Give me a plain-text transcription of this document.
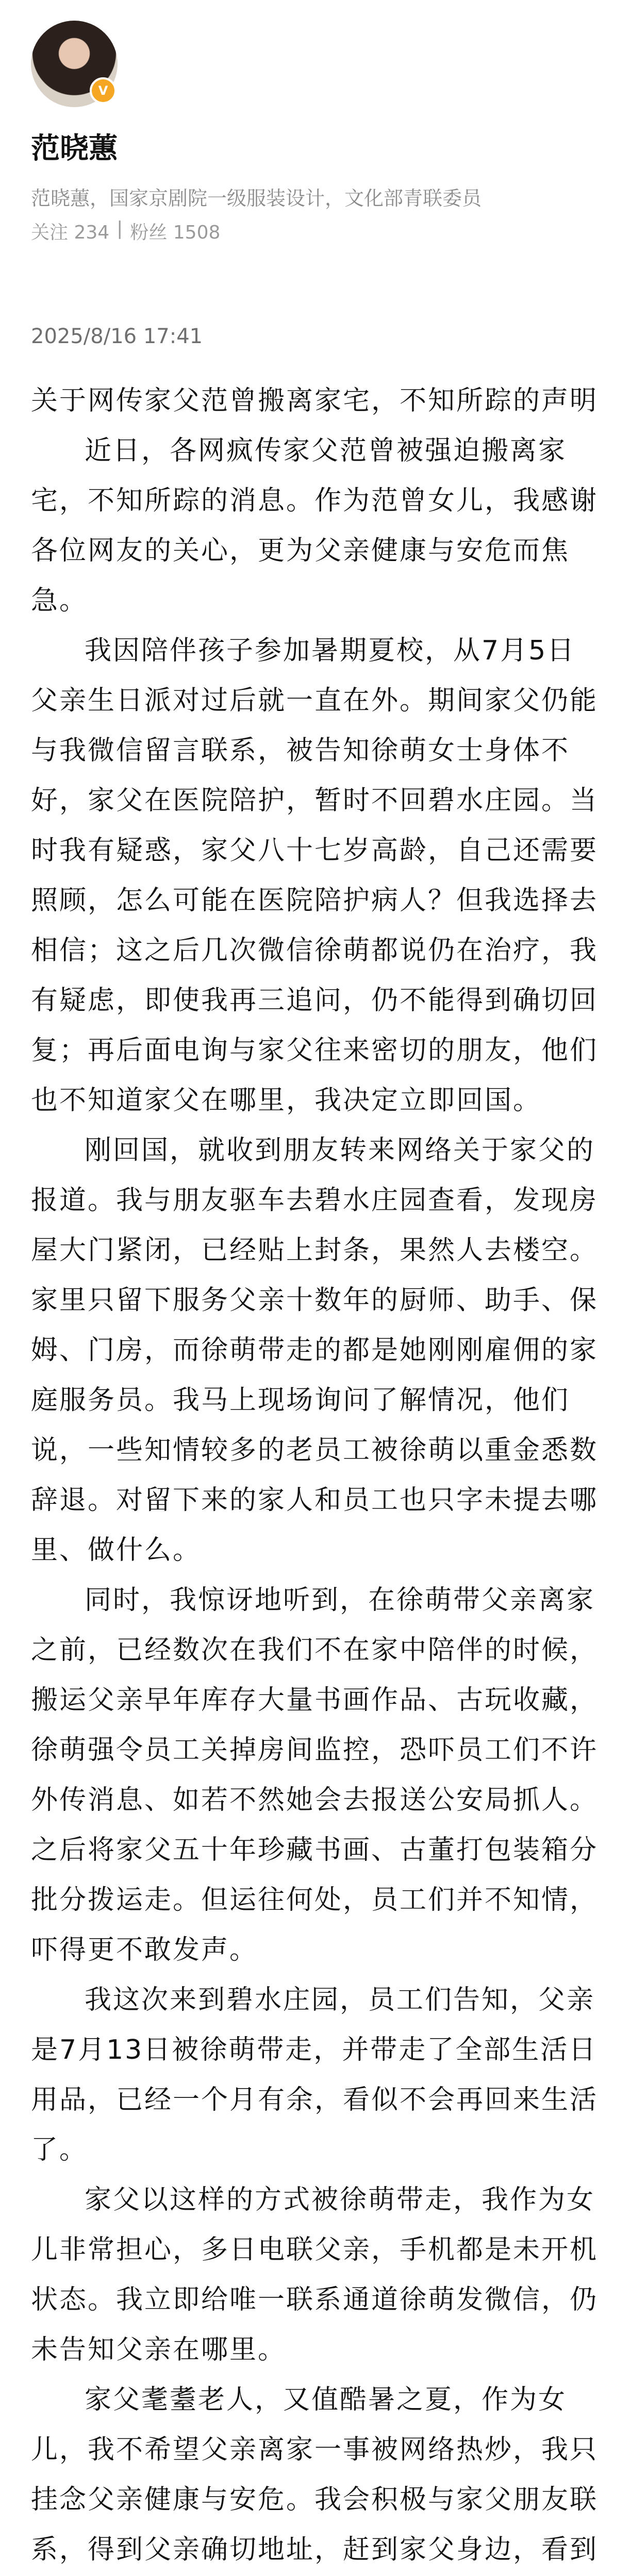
V
范晓蕙
范晓蕙，国家京剧院一级服装设计，文化部青联委员
关注 234 | 粉丝 1508
2025/8/16 17:41

关于网传家父范曾搬离家宅，不知所踪的声明

近日，各网疯传家父范曾被强迫搬离家宅，不知所踪的消息。作为范曾女儿，我感谢各位网友的关心，更为父亲健康与安危而焦急。

我因陪伴孩子参加暑期夏校，从7月5日父亲生日派对过后就一直在外。期间家父仍能与我微信留言联系，被告知徐萌女士身体不好，家父在医院陪护，暂时不回碧水庄园。当时我有疑惑，家父八十七岁高龄，自己还需要照顾，怎么可能在医院陪护病人？但我选择去相信；这之后几次微信徐萌都说仍在治疗，我有疑虑，即使我再三追问，仍不能得到确切回复；再后面电询与家父往来密切的朋友，他们也不知道家父在哪里，我决定立即回国。

刚回国，就收到朋友转来网络关于家父的报道。我与朋友驱车去碧水庄园查看，发现房屋大门紧闭，已经贴上封条，果然人去楼空。家里只留下服务父亲十数年的厨师、助手、保姆、门房，而徐萌带走的都是她刚刚雇佣的家庭服务员。我马上现场询问了解情况，他们说，一些知情较多的老员工被徐萌以重金悉数辞退。对留下来的家人和员工也只字未提去哪里、做什么。

同时，我惊讶地听到，在徐萌带父亲离家之前，已经数次在我们不在家中陪伴的时候，搬运父亲早年库存大量书画作品、古玩收藏，徐萌强令员工关掉房间监控，恐吓员工们不许外传消息、如若不然她会去报送公安局抓人。之后将家父五十年珍藏书画、古董打包装箱分批分拨运走。但运往何处，员工们并不知情，吓得更不敢发声。

我这次来到碧水庄园，员工们告知，父亲是7月13日被徐萌带走，并带走了全部生活日用品，已经一个月有余，看似不会再回来生活了。

家父以这样的方式被徐萌带走，我作为女儿非常担心，多日电联父亲，手机都是未开机状态。我立即给唯一联系通道徐萌发微信，仍未告知父亲在哪里。

家父耄耋老人，又值酷暑之夏，作为女儿，我不希望父亲离家一事被网络热炒，我只挂念父亲健康与安危。我会积极与家父朋友联系，得到父亲确切地址，赶到家父身边，看到
